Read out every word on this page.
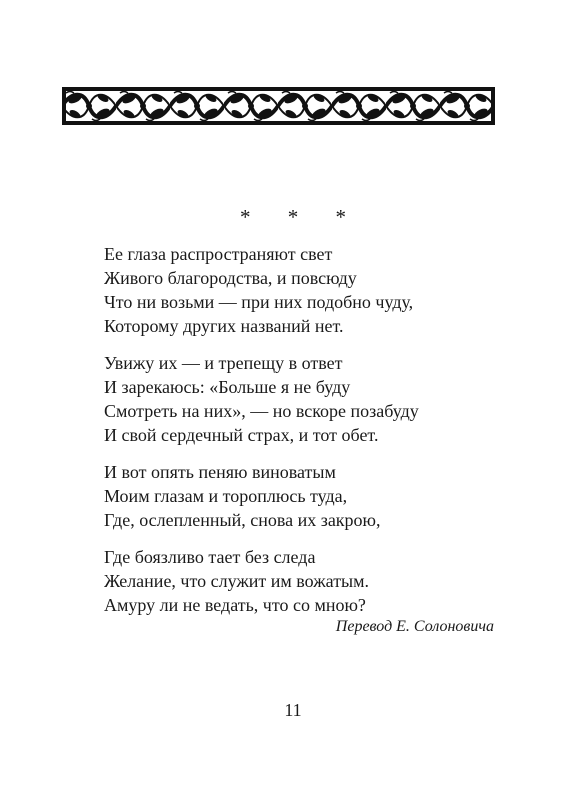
* * *
Ее глаза распространяют свет
Живого благородства, и повсюду
Что ни возьми — при них подобно чуду,
Которому других названий нет.
Увижу их — и трепещу в ответ
И зарекаюсь: «Больше я не буду
Смотреть на них», — но вскоре позабуду
И свой сердечный страх, и тот обет.
И вот опять пеняю виноватым
Моим глазам и тороплюсь туда,
Где, ослепленный, снова их закрою,
Где боязливо тает без следа
Желание, что служит им вожатым.
Амуру ли не ведать, что со мною?
Перевод Е. Солоновича
11
